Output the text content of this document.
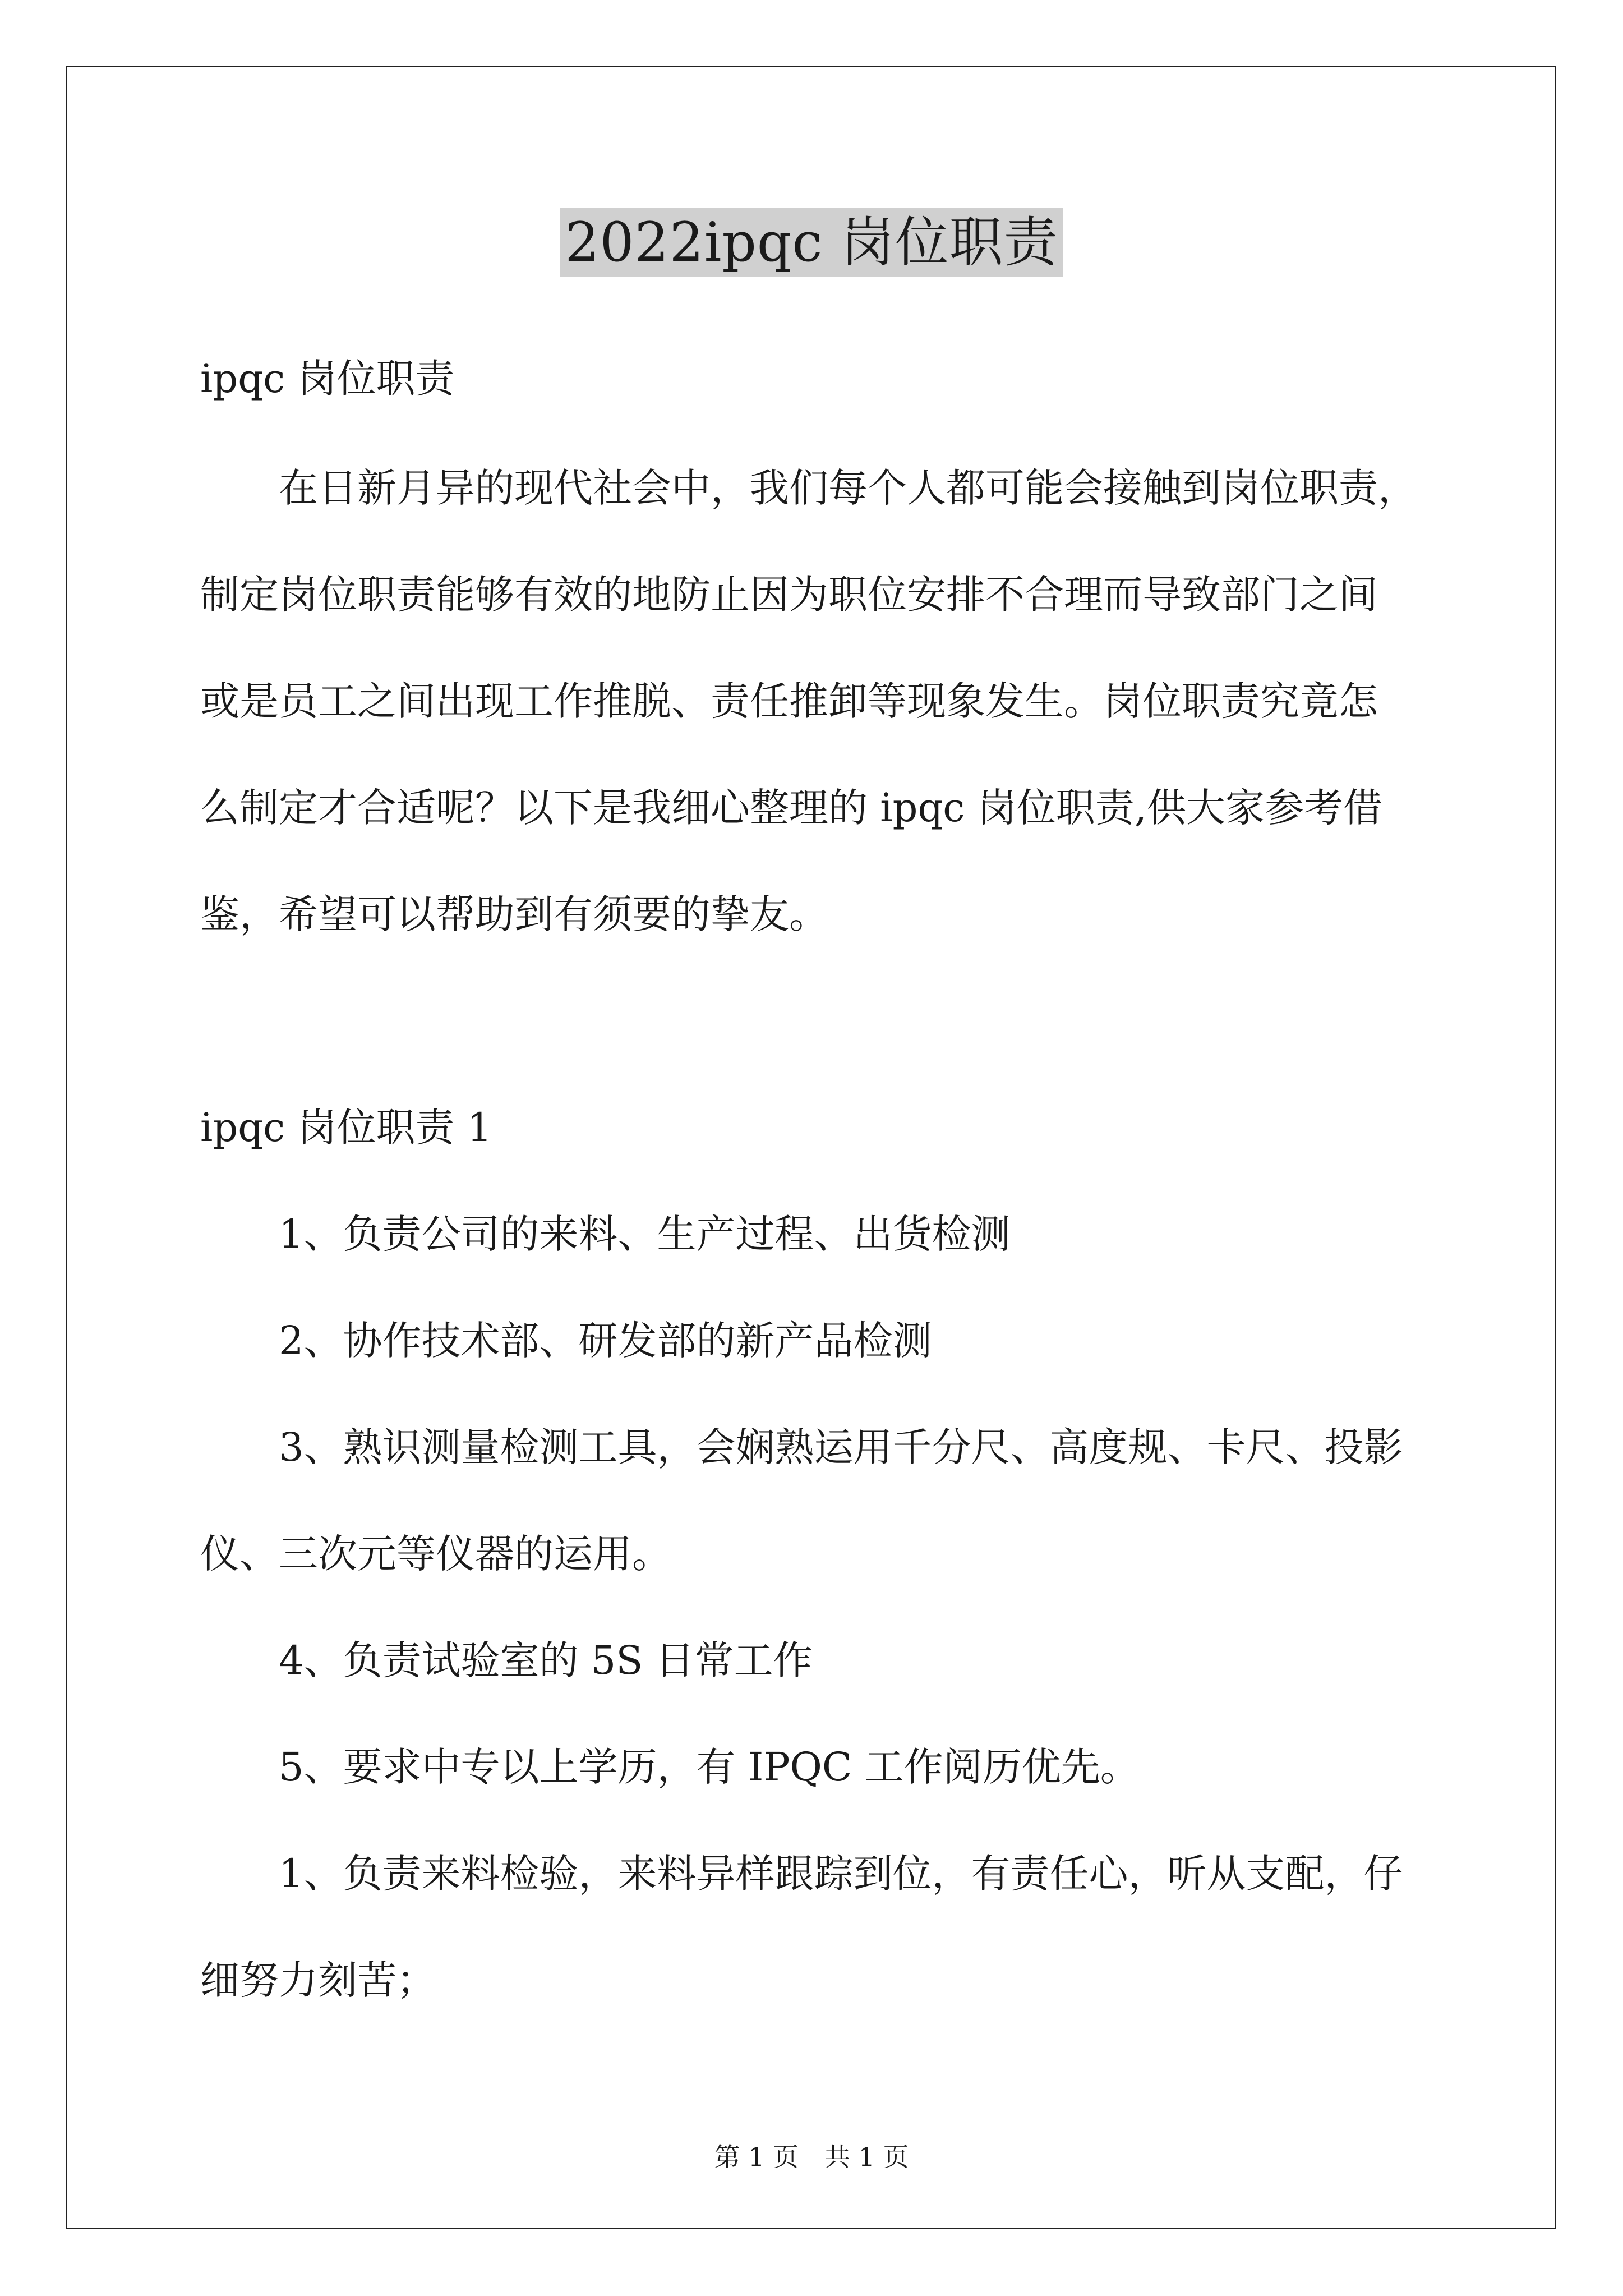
2022ipqc 岗位职责
ipqc 岗位职责
在日新月异的现代社会中，我们每个人都可能会接触到岗位职责，
制定岗位职责能够有效的地防止因为职位安排不合理而导致部门之间
或是员工之间出现工作推脱、责任推卸等现象发生。岗位职责究竟怎
么制定才合适呢？以下是我细心整理的 ipqc 岗位职责,供大家参考借
鉴，希望可以帮助到有须要的挚友。
ipqc 岗位职责 1
1、负责公司的来料、生产过程、出货检测
2、协作技术部、研发部的新产品检测
3、熟识测量检测工具，会娴熟运用千分尺、高度规、卡尺、投影
仪、三次元等仪器的运用。
4、负责试验室的 5S 日常工作
5、要求中专以上学历，有 IPQC 工作阅历优先。
1、负责来料检验，来料异样跟踪到位，有责任心，听从支配，仔
细努力刻苦；
第 1 页　共 1 页
